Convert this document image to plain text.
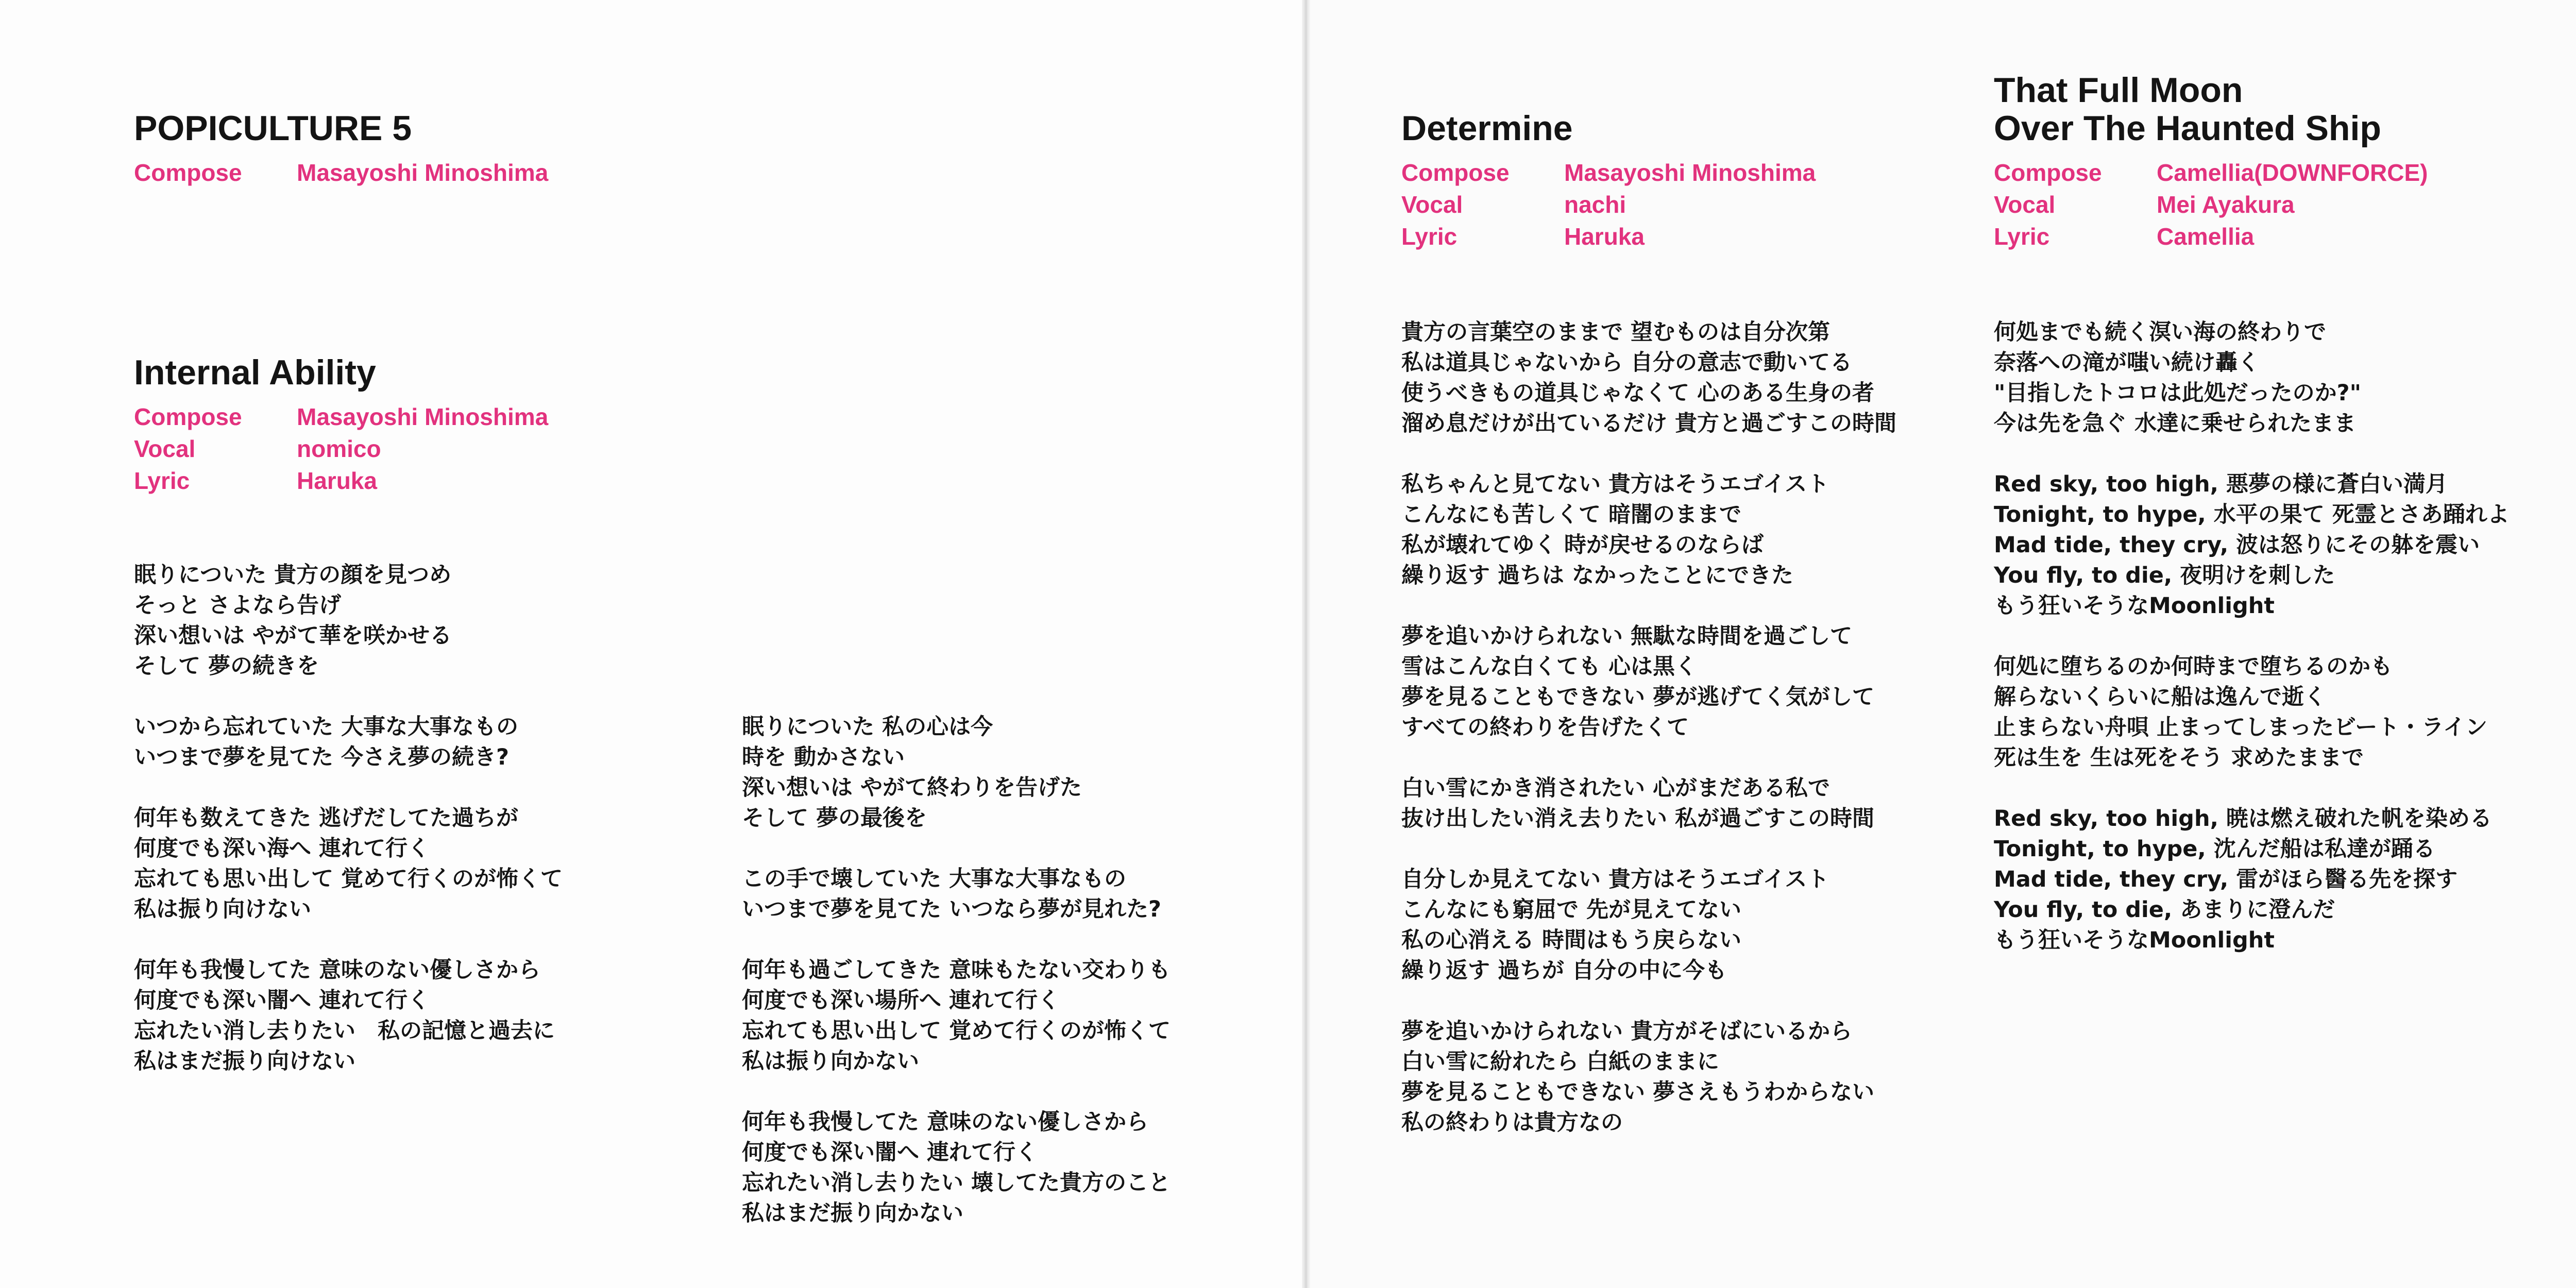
POPICULTURE 5
Compose	Masayoshi Minoshima
Internal Ability
Compose	Masayoshi Minoshima
Vocal	nomico
Lyric	Haruka
眠りについた 貴方の顔を見つめ
そっと さよなら告げ
深い想いは やがて華を咲かせる
そして 夢の続きを
いつから忘れていた 大事な大事なもの
いつまで夢を見てた 今さえ夢の続き?
何年も数えてきた 逃げだしてた過ちが
何度でも深い海へ 連れて行く
忘れても思い出して 覚めて行くのが怖くて
私は振り向けない
何年も我慢してた 意味のない優しさから
何度でも深い闇へ 連れて行く
忘れたい消し去りたい　私の記憶と過去に
私はまだ振り向けない
眠りについた 私の心は今
時を 動かさない
深い想いは やがて終わりを告げた
そして 夢の最後を
この手で壊していた 大事な大事なもの
いつまで夢を見てた いつなら夢が見れた?
何年も過ごしてきた 意味もたない交わりも
何度でも深い場所へ 連れて行く
忘れても思い出して 覚めて行くのが怖くて
私は振り向かない
何年も我慢してた 意味のない優しさから
何度でも深い闇へ 連れて行く
忘れたい消し去りたい 壊してた貴方のこと
私はまだ振り向かない
Determine
Compose	Masayoshi Minoshima
Vocal	nachi
Lyric	Haruka
貴方の言葉空のままで 望むものは自分次第
私は道具じゃないから 自分の意志で動いてる
使うべきもの道具じゃなくて 心のある生身の者
溜め息だけが出ているだけ 貴方と過ごすこの時間
私ちゃんと見てない 貴方はそうエゴイスト
こんなにも苦しくて 暗闇のままで
私が壊れてゆく 時が戻せるのならば
繰り返す 過ちは なかったことにできた
夢を追いかけられない 無駄な時間を過ごして
雪はこんな白くても 心は黒く
夢を見ることもできない 夢が逃げてく気がして
すべての終わりを告げたくて
白い雪にかき消されたい 心がまだある私で
抜け出したい消え去りたい 私が過ごすこの時間
自分しか見えてない 貴方はそうエゴイスト
こんなにも窮屈で 先が見えてない
私の心消える 時間はもう戻らない
繰り返す 過ちが 自分の中に今も
夢を追いかけられない 貴方がそばにいるから
白い雪に紛れたら 白紙のままに
夢を見ることもできない 夢さえもうわからない
私の終わりは貴方なの
That Full Moon
Over The Haunted Ship
Compose	Camellia(DOWNFORCE)
Vocal	Mei Ayakura
Lyric	Camellia
何処までも続く溟い海の終わりで
奈落への滝が嗤い続け轟く
"目指したトコロは此処だったのか?"
今は先を急ぐ 水達に乗せられたまま
Red sky, too high, 悪夢の様に蒼白い満月
Tonight, to hype, 水平の果て 死霊とさあ踊れよ
Mad tide, they cry, 波は怒りにその躰を震い
You fly, to die, 夜明けを刺した
もう狂いそうなMoonlight
何処に堕ちるのか何時まで堕ちるのかも
解らないくらいに船は逸んで逝く
止まらない舟唄 止まってしまったビート・ライン
死は生を 生は死をそう 求めたままで
Red sky, too high, 暁は燃え破れた帆を染める
Tonight, to hype, 沈んだ船は私達が踊る
Mad tide, they cry, 雷がほら醫る先を探す
You fly, to die, あまりに澄んだ
もう狂いそうなMoonlight
